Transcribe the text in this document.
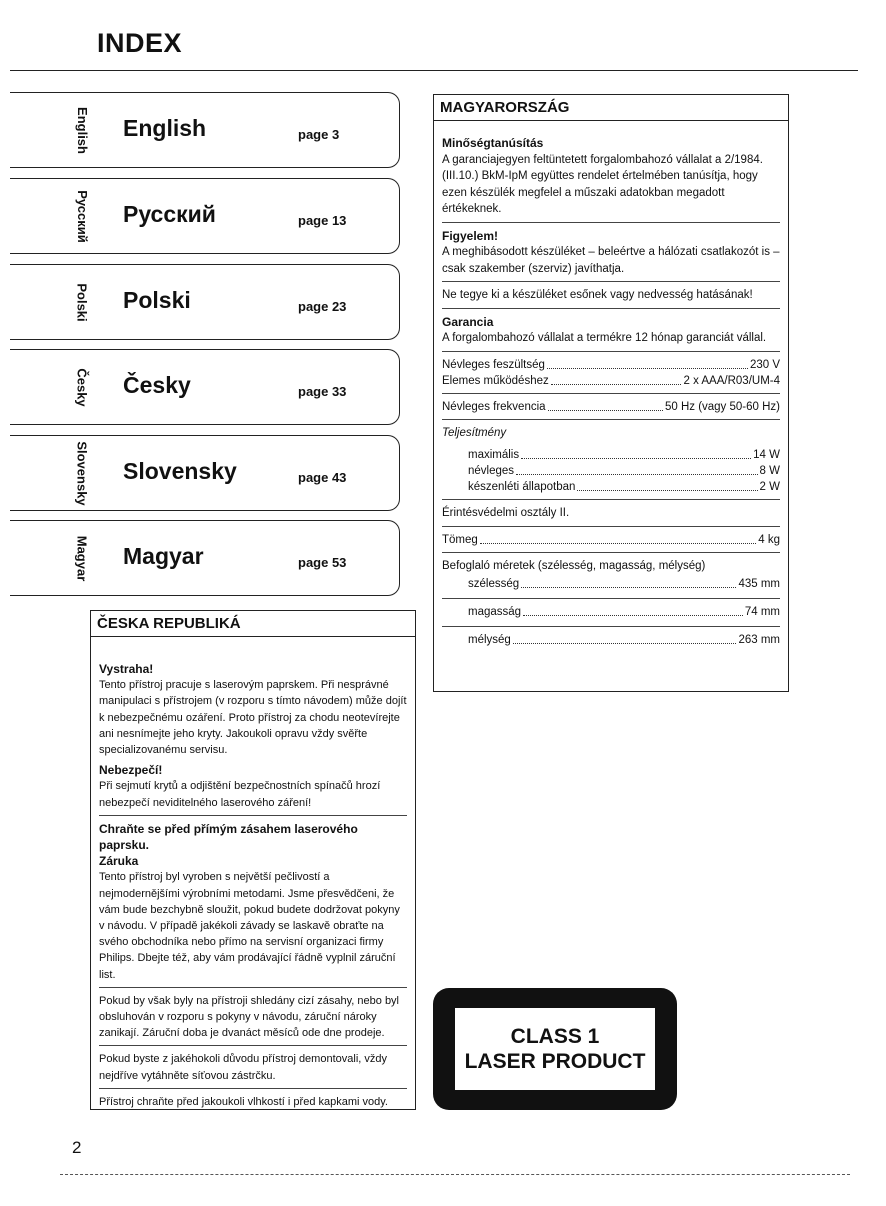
INDEX
English English	page 3
Русский Русский	page 13
Polski Polski	page 23
Česky Česky	page 33
Slovensky Slovensky	page 43
Magyar Magyar	page 53
ČESKA REPUBLIKÁ
Vystraha!
Tento přístroj pracuje s laserovým paprskem. Při nesprávné manipulaci s přístrojem (v rozporu s tímto návodem) může dojít k nebezpečnému ozáření. Proto přístroj za chodu neotevírejte ani nesnímejte jeho kryty. Jakoukoli opravu vždy svěřte specializovanému servisu.
Nebezpečí!
Při sejmutí krytů a odjištění bezpečnostních spínačů hrozí nebezpečí neviditelného laserového záření!
Chraňte se před přímým zásahem laserového paprsku.
Záruka
Tento přístroj byl vyroben s největší pečlivostí a nejmodernějšími výrobními metodami. Jsme přesvědčeni, že vám bude bezchybně sloužit, pokud budete dodržovat pokyny v návodu. V případě jakékoli závady se laskavě obraťte na svého obchodníka nebo přímo na servisní organizaci firmy Philips. Dbejte též, aby vám prodávající řádně vyplnil záruční list.
Pokud by však byly na přístroji shledány cizí zásahy, nebo byl obsluhován v rozporu s pokyny v návodu, záruční nároky zanikají. Záruční doba je dvanáct měsíců ode dne prodeje.
Pokud byste z jakéhokoli důvodu přístroj demontovali, vždy nejdříve vytáhněte síťovou zástrčku.
Přístroj chraňte před jakoukoli vlhkostí i před kapkami vody.
MAGYARORSZÁG
Minőségtanúsítás
A garanciajegyen feltüntetett forgalombahozó vállalat a 2/1984. (III.10.) BkM-IpM együttes rendelet értelmében tanúsítja, hogy ezen készülék megfelel a műszaki adatokban megadott értékeknek.
Figyelem!
A meghibásodott készüléket – beleértve a hálózati csatlakozót is – csak szakember (szerviz) javíthatja.
Ne tegye ki a készüléket esőnek vagy nedvesség hatásának!
Garancia
A forgalombahozó vállalat a termékre 12 hónap garanciát vállal.
Névleges feszültség	230 V
Elemes működéshez	2 x AAA/R03/UM-4
Névleges frekvencia	50 Hz (vagy 50-60 Hz)
Teljesítmény
maximális	14 W
névleges	8 W
készenléti állapotban	2 W
Érintésvédelmi osztály II.
Tömeg	4 kg
Befoglaló méretek (szélesség, magasság, mélység)
szélesség	435 mm
magasság	74 mm
mélység	263 mm
CLASS 1
LASER PRODUCT
2
